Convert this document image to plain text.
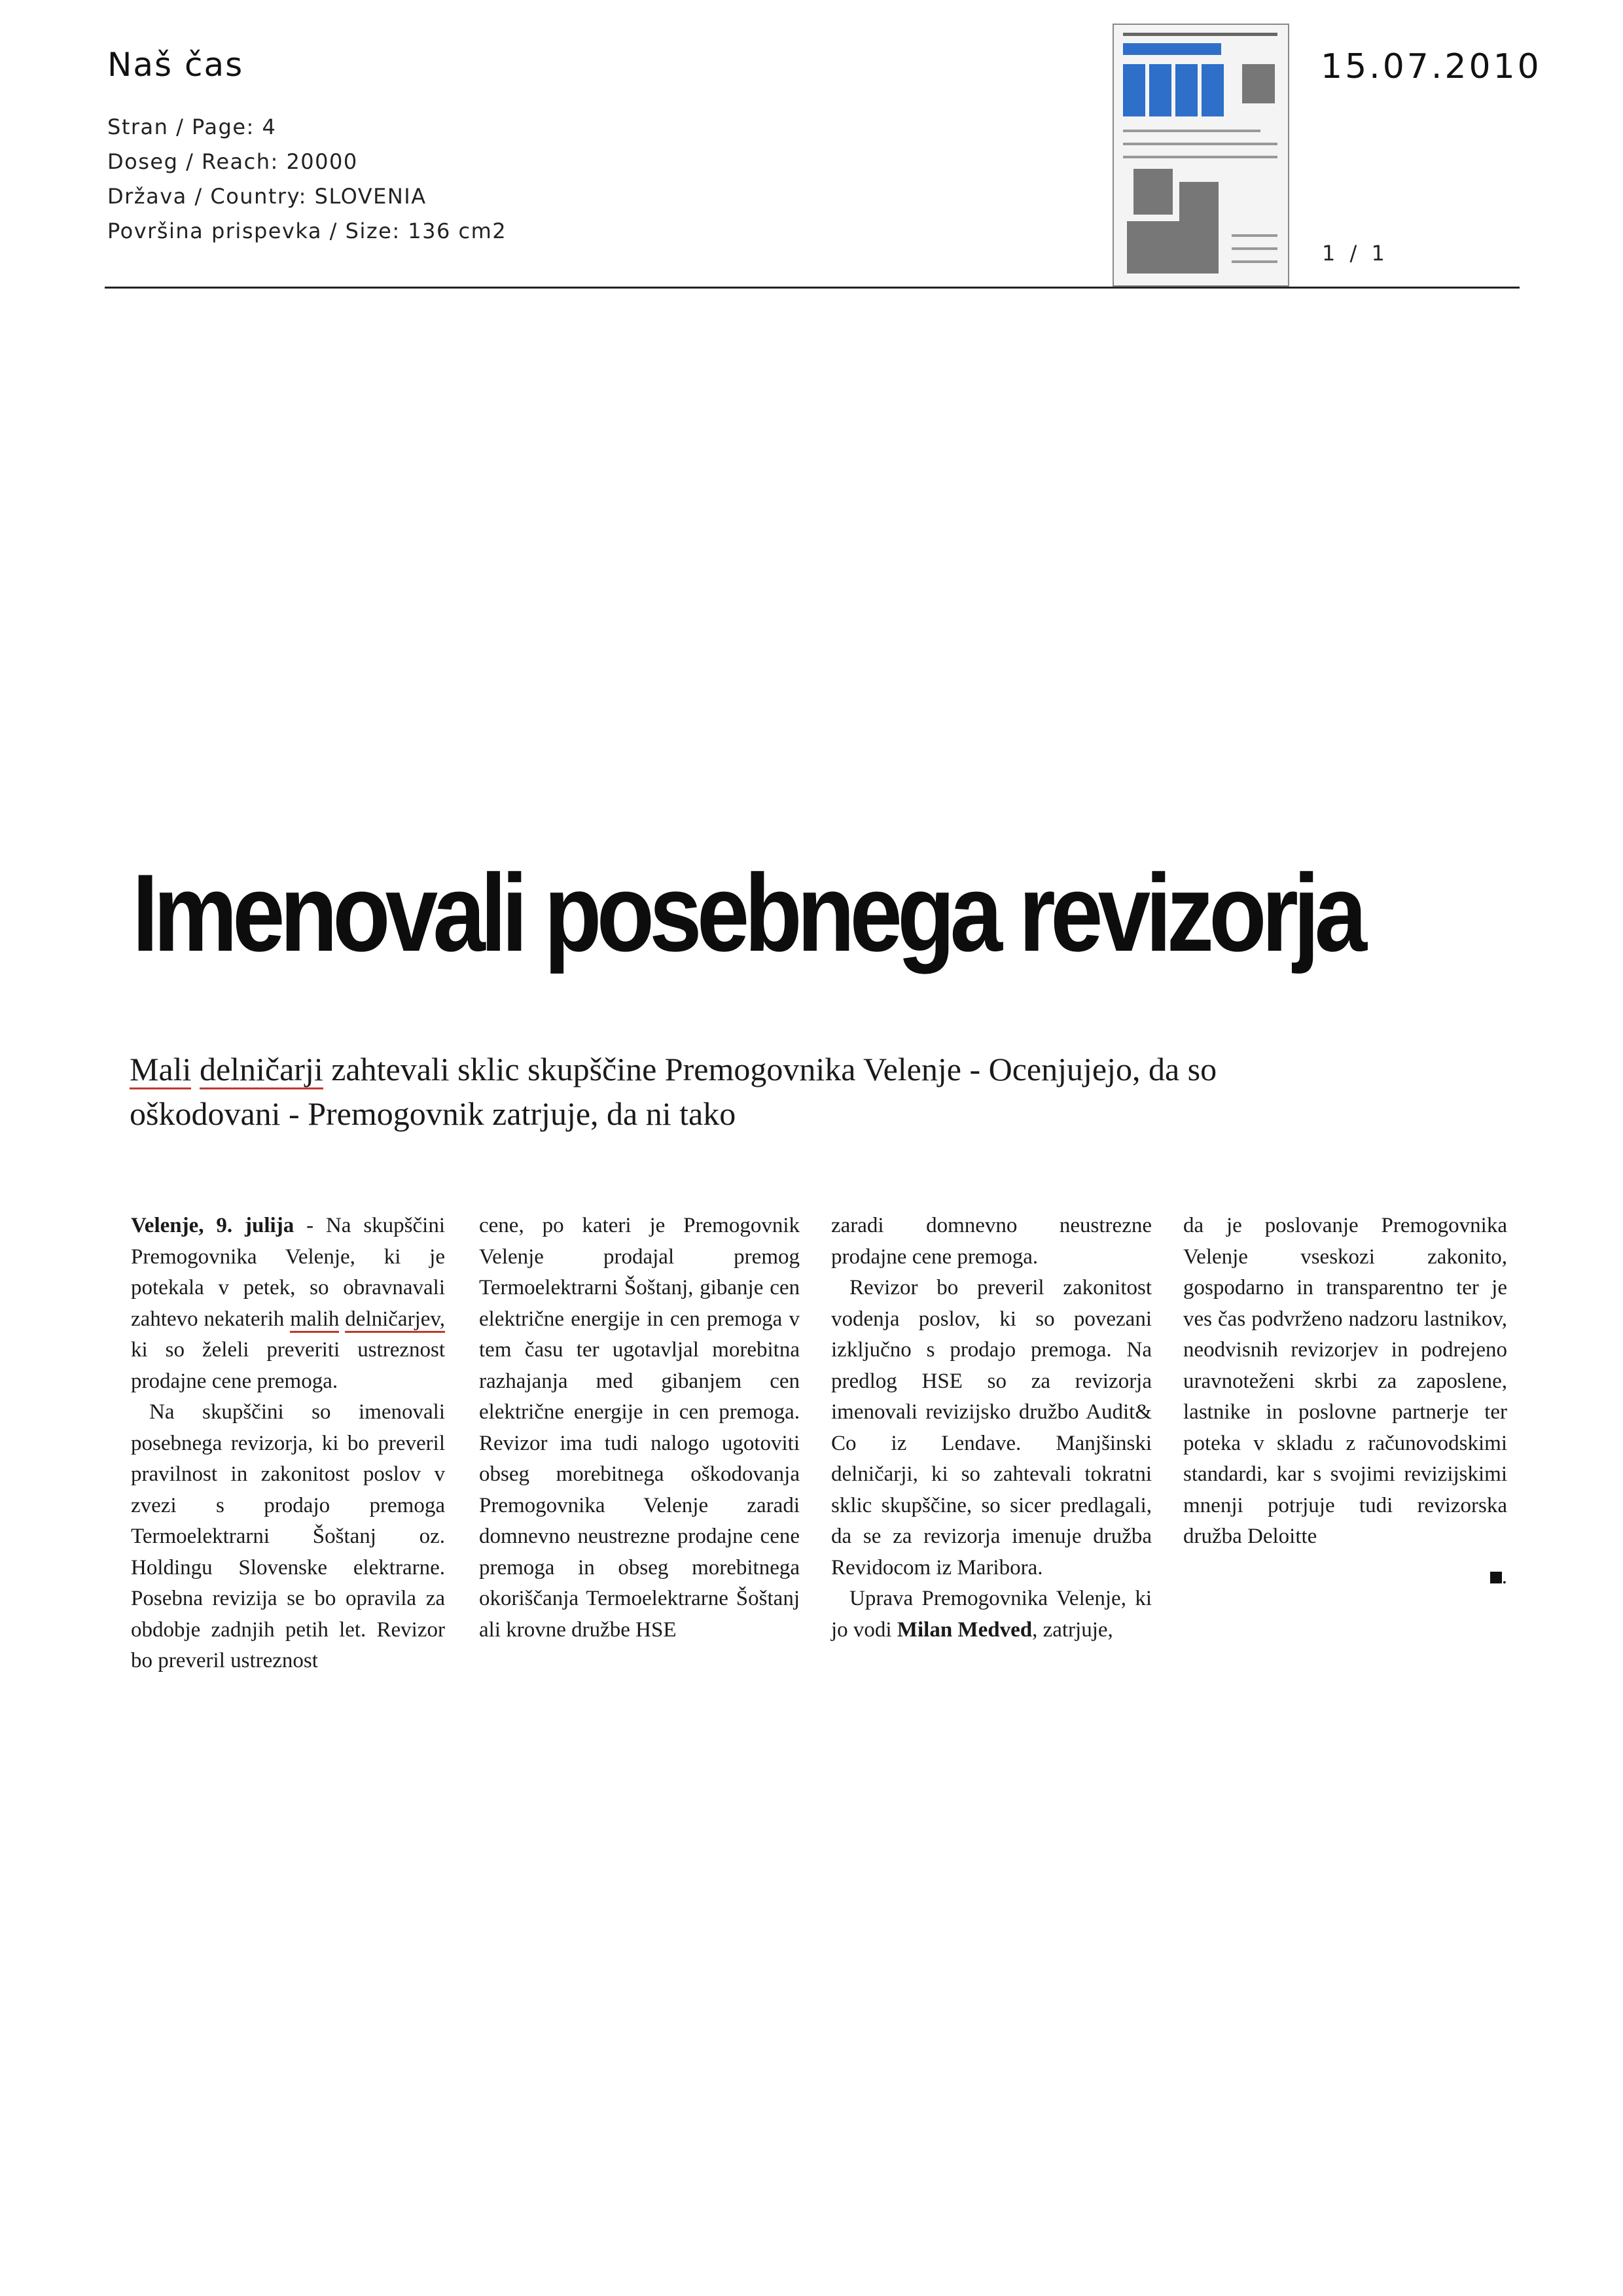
Naš čas
Stran / Page: 4
Doseg / Reach: 20000
Država / Country: SLOVENIA
Površina prispevka / Size: 136 cm2
15.07.2010
1 / 1
Imenovali posebnega revizorja
Mali delničarji zahtevali sklic skupščine Premogovnika Velenje - Ocenjujejo, da so oškodovani - Premogovnik zatrjuje, da ni tako

Velenje, 9. julija - Na skupščini Premogovnika Velenje, ki je potekala v petek, so obravnavali zahtevo nekaterih malih delničarjev, ki so želeli preveriti ustreznost prodajne cene premoga.

Na skupščini so imenovali posebnega revizorja, ki bo preveril pravilnost in zakonitost poslov v zvezi s prodajo premoga Termoelektrarni Šoštanj oz. Holdingu Slovenske elektrarne. Posebna revizija se bo opravila za obdobje zadnjih petih let. Revizor bo preveril ustreznost

cene, po kateri je Premogovnik Velenje prodajal premog Termoelektrarni Šoštanj, gibanje cen električne energije in cen premoga v tem času ter ugotavljal morebitna razhajanja med gibanjem cen električne energije in cen premoga. Revizor ima tudi nalogo ugotoviti obseg morebitnega oškodovanja Premogovnika Velenje zaradi domnevno neustrezne prodajne cene premoga in obseg morebitnega okoriščanja Termoelektrarne Šoštanj ali krovne družbe HSE

zaradi domnevno neustrezne prodajne cene premoga.

Revizor bo preveril zakonitost vodenja poslov, ki so povezani izključno s prodajo premoga. Na predlog HSE so za revizorja imenovali revizijsko družbo Audit& Co iz Lendave. Manjšinski delničarji, ki so zahtevali tokratni sklic skupščine, so sicer predlagali, da se za revizorja imenuje družba Revidocom iz Maribora.

Uprava Premogovnika Velenje, ki jo vodi Milan Medved, zatrjuje,

da je poslovanje Premogovnika Velenje vseskozi zakonito, gospodarno in transparentno ter je ves čas podvrženo nadzoru lastnikov, neodvisnih revizorjev in podrejeno uravnoteženi skrbi za zaposlene, lastnike in poslovne partnerje ter poteka v skladu z računovodskimi standardi, kar s svojimi revizijskimi mnenji potrjuje tudi revizorska družba Deloitte

.
